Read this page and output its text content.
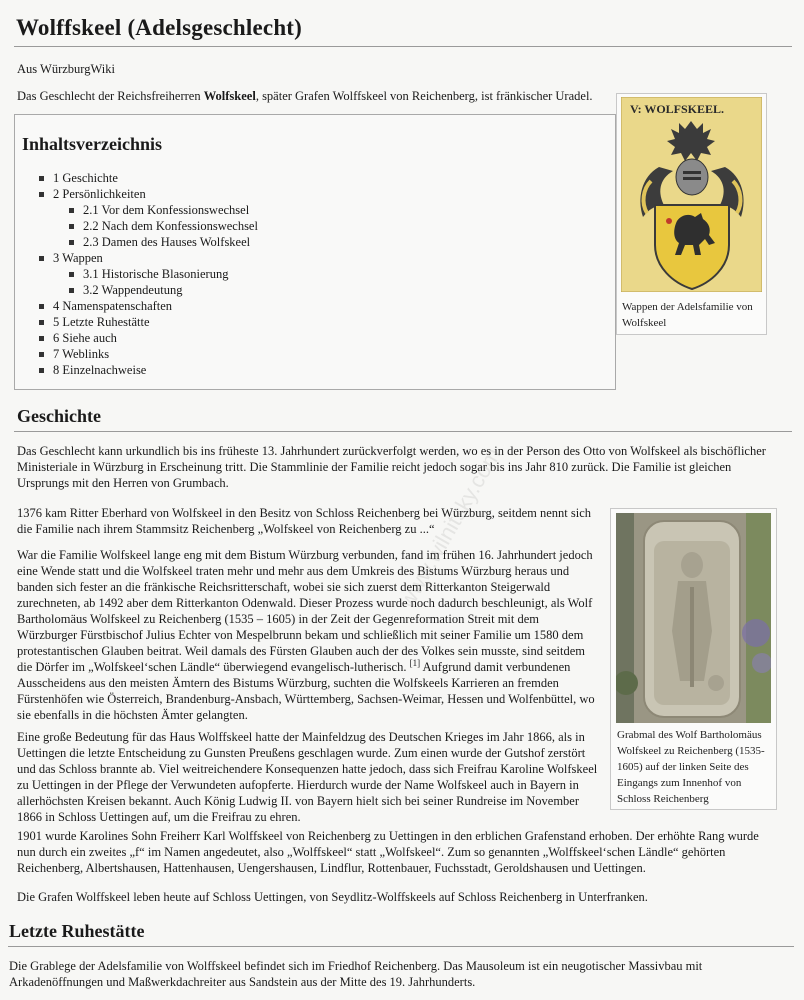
Wolffskeel (Adelsgeschlecht)
Aus WürzburgWiki
Das Geschlecht der Reichsfreiherren Wolfskeel, später Grafen Wolffskeel von Reichenberg, ist fränkischer Uradel.
Inhaltsverzeichnis
1 Geschichte
2 Persönlichkeiten
2.1 Vor dem Konfessionswechsel
2.2 Nach dem Konfessionswechsel
2.3 Damen des Hauses Wolfskeel
3 Wappen
3.1 Historische Blasonierung
3.2 Wappendeutung
4 Namenspatenschaften
5 Letzte Ruhestätte
6 Siehe auch
7 Weblinks
8 Einzelnachweise
V: WOLFSKEEL.
Wappen der Adelsfamilie von
Wolfskeel
Geschichte
Das Geschlecht kann urkundlich bis ins früheste 13. Jahrhundert zurückverfolgt werden, wo es in der Person des Otto von Wolfskeel als bischöflicher
Ministeriale in Würzburg in Erscheinung tritt. Die Stammlinie der Familie reicht jedoch sogar bis ins Jahr 810 zurück. Die Familie ist gleichen
Ursprungs mit den Herren von Grumbach.
1376 kam Ritter Eberhard von Wolfskeel in den Besitz von Schloss Reichenberg bei Würzburg, seitdem nennt sich
die Familie nach ihrem Stammsitz Reichenberg „Wolfskeel von Reichenberg zu ...“
War die Familie Wolfskeel lange eng mit dem Bistum Würzburg verbunden, fand im frühen 16. Jahrhundert jedoch
eine Wende statt und die Wolfskeel traten mehr und mehr aus dem Umkreis des Bistums Würzburg heraus und
banden sich fester an die fränkische Reichsritterschaft, wobei sie sich zuerst dem Ritterkanton Steigerwald
zurechneten, ab 1492 aber dem Ritterkanton Odenwald. Dieser Prozess wurde noch dadurch beschleunigt, als Wolf
Bartholomäus Wolfskeel zu Reichenberg (1535 – 1605) in der Zeit der Gegenreformation Streit mit dem
Würzburger Fürstbischof Julius Echter von Mespelbrunn bekam und schließlich mit seiner Familie um 1580 dem
protestantischen Glauben beitrat. Weil damals des Fürsten Glauben auch der des Volkes sein musste, sind seitdem
die Dörfer im „Wolfskeel‘schen Ländle“ überwiegend evangelisch-lutherisch. [1] Aufgrund damit verbundenen
Ausscheidens aus den meisten Ämtern des Bistums Würzburg, suchten die Wolfskeels Karrieren an fremden
Fürstenhöfen wie Österreich, Brandenburg-Ansbach, Württemberg, Sachsen-Weimar, Hessen und Wolfenbüttel, wo
sie ebenfalls in die höchsten Ämter gelangten.
Eine große Bedeutung für das Haus Wolffskeel hatte der Mainfeldzug des Deutschen Krieges im Jahr 1866, als in
Uettingen die letzte Entscheidung zu Gunsten Preußens geschlagen wurde. Zum einen wurde der Gutshof zerstört
und das Schloss brannte ab. Viel weitreichendere Konsequenzen hatte jedoch, dass sich Freifrau Karoline Wolfskeel
zu Uettingen in der Pflege der Verwundeten aufopferte. Hierdurch wurde der Name Wolfskeel auch in Bayern in
allerhöchsten Kreisen bekannt. Auch König Ludwig II. von Bayern hielt sich bei seiner Rundreise im November
1866 in Schloss Uettingen auf, um die Freifrau zu ehren.
Grabmal des Wolf Bartholomäus
Wolfskeel zu Reichenberg (1535-
1605) auf der linken Seite des
Eingangs zum Innenhof von
Schloss Reichenberg
1901 wurde Karolines Sohn Freiherr Karl Wolffskeel von Reichenberg zu Uettingen in den erblichen Grafenstand erhoben. Der erhöhte Rang wurde
nun durch ein zweites „f“ im Namen angedeutet, also „Wolffskeel“ statt „Wolfskeel“. Zum so genannten „Wolffskeel‘schen Ländle“ gehörten
Reichenberg, Albertshausen, Hattenhausen, Uengershausen, Lindflur, Rottenbauer, Fuchsstadt, Geroldshausen und Uettingen.
Die Grafen Wolffskeel leben heute auf Schloss Uettingen, von Seydlitz-Wolffskeels auf Schloss Reichenberg in Unterfranken.
Letzte Ruhestätte
Die Grablege der Adelsfamilie von Wolffskeel befindet sich im Friedhof Reichenberg. Das Mausoleum ist ein neugotischer Massivbau mit
Arkadenöffnungen und Maßwerkdachreiter aus Sandstein aus der Mitte des 19. Jahrhunderts.
www.wilnitsky.com
